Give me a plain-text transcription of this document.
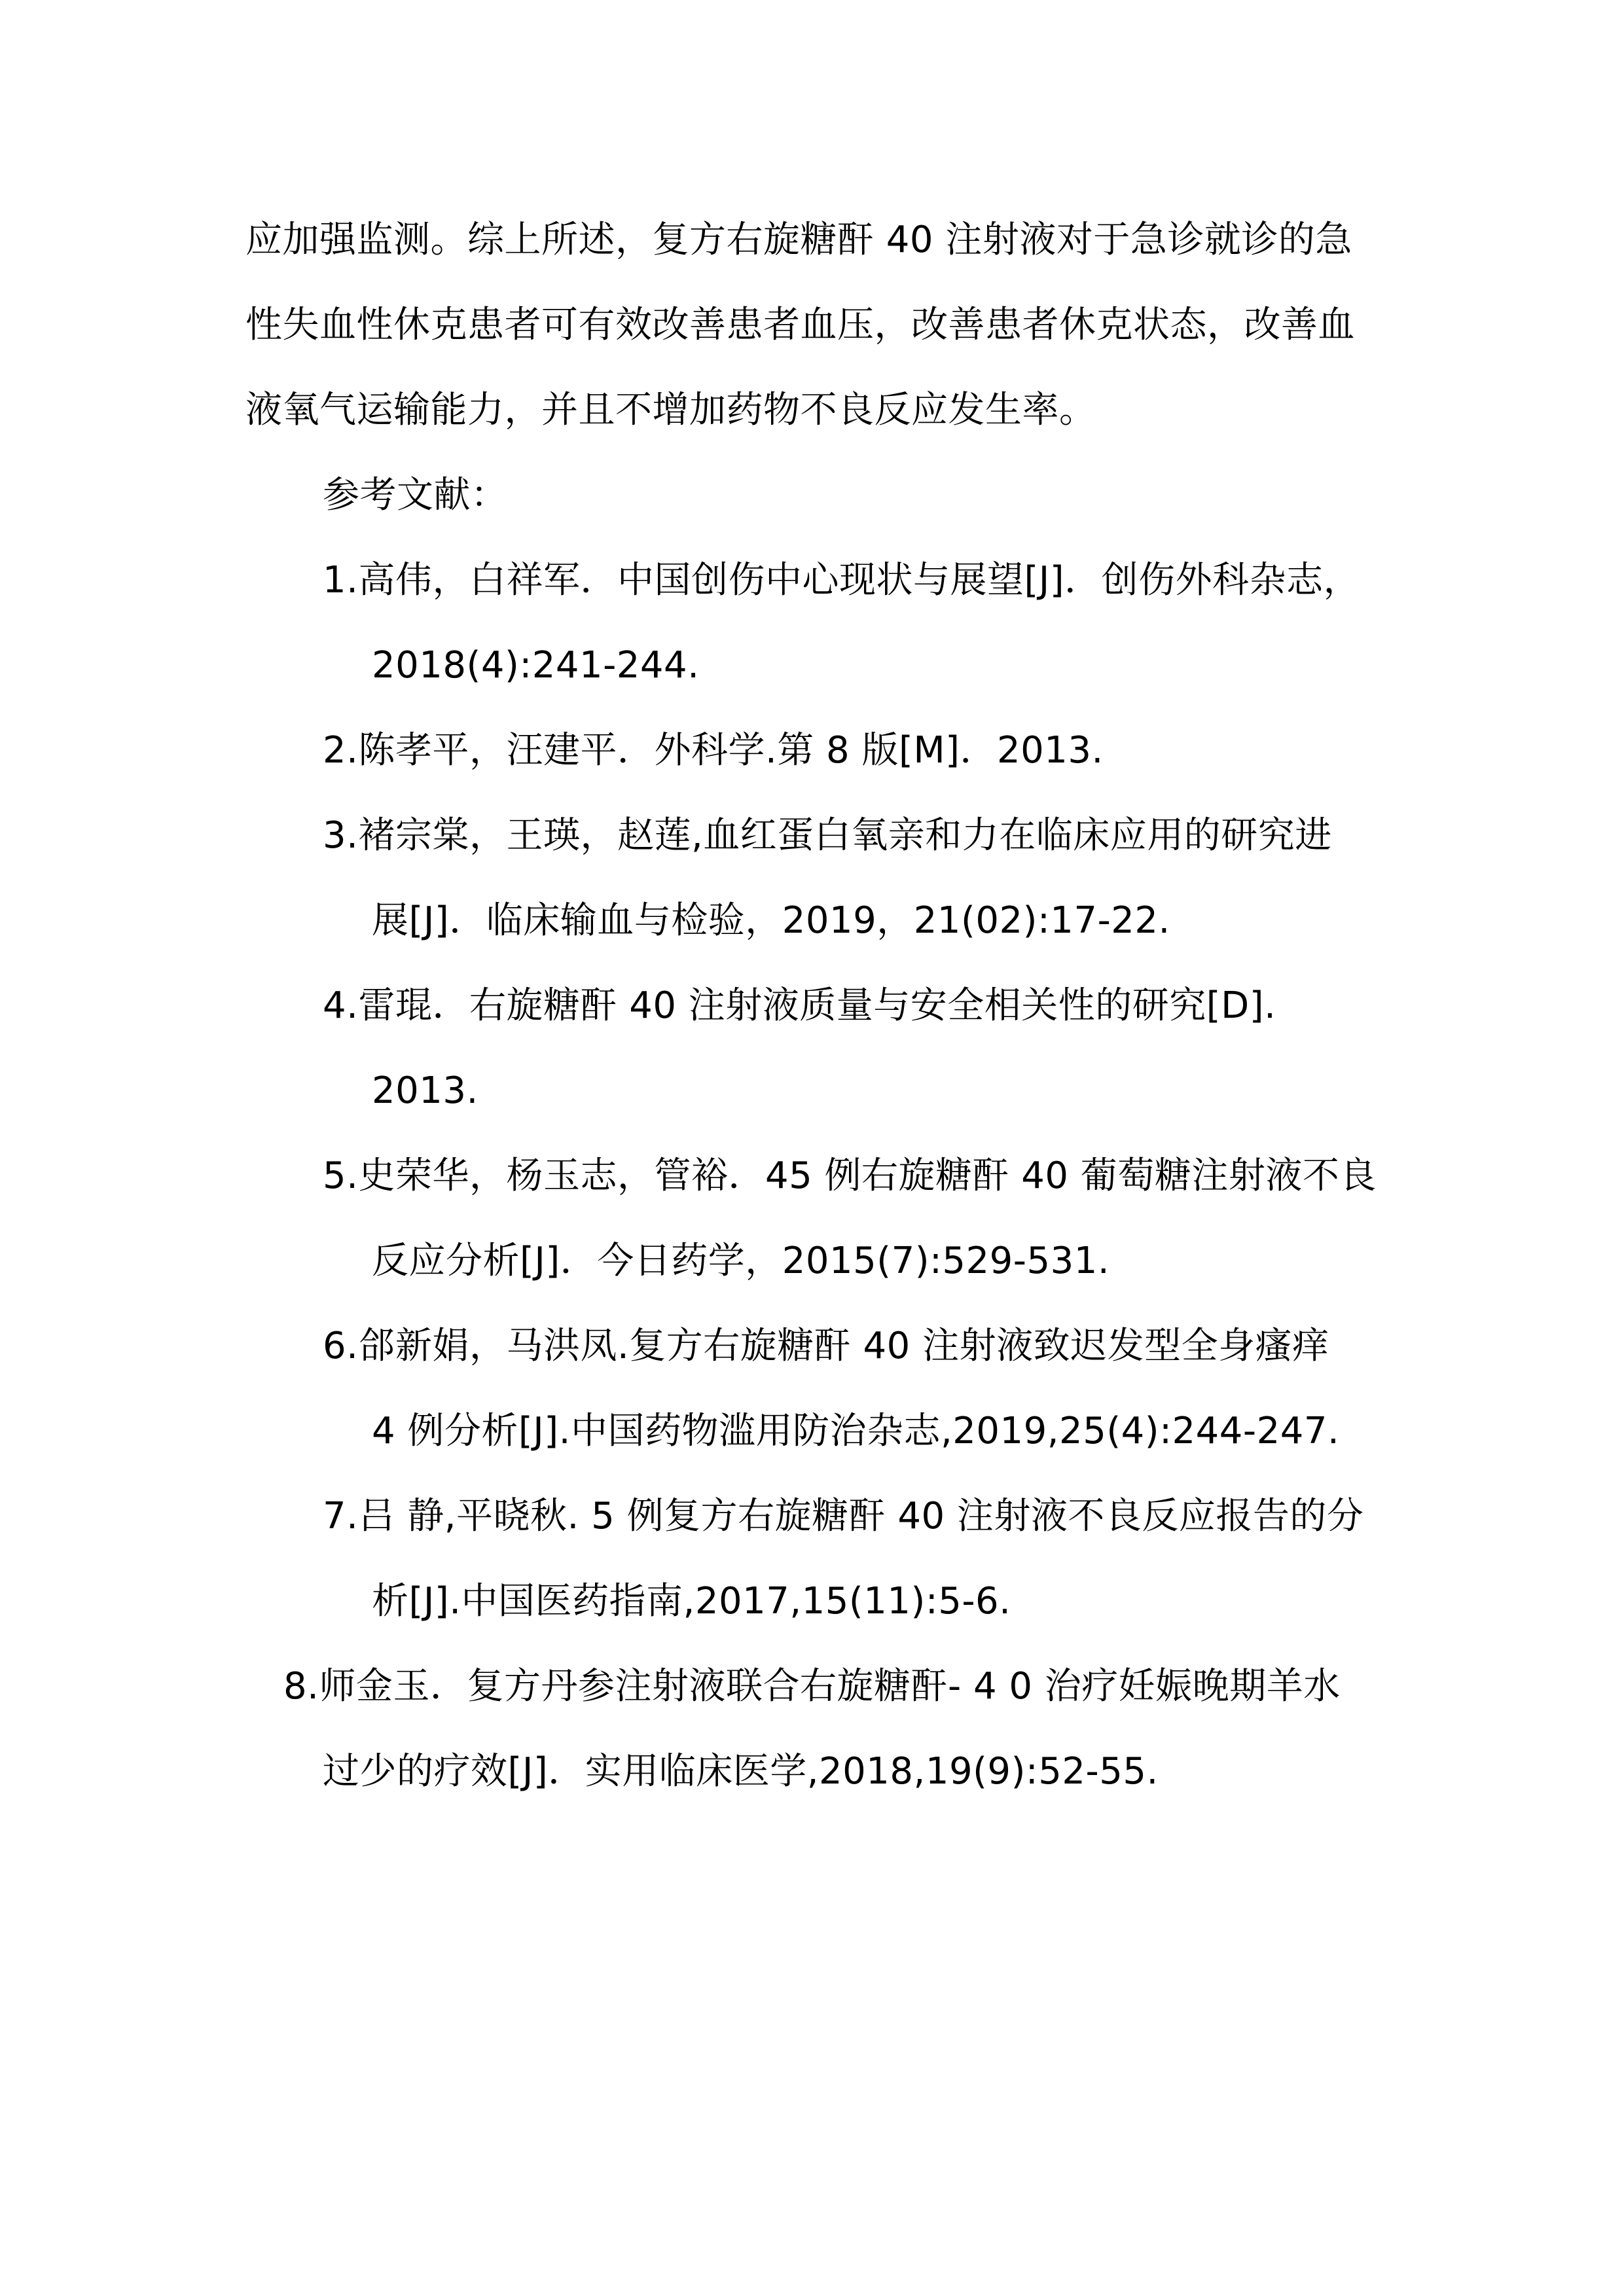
应加强监测。综上所述，复方右旋糖酐 40 注射液对于急诊就诊的急
性失血性休克患者可有效改善患者血压，改善患者休克状态，改善血
液氧气运输能力，并且不增加药物不良反应发生率。
参考文献：
1.高伟，白祥军．中国创伤中心现状与展望[J]．创伤外科杂志，
2018(4):241-244.
2.陈孝平，汪建平．外科学.第 8 版[M]．2013.
3.褚宗棠，王瑛，赵莲,血红蛋白氧亲和力在临床应用的研究进
展[J]．临床输血与检验，2019，21(02):17-22.
4.雷琨．右旋糖酐 40 注射液质量与安全相关性的研究[D].
2013.
5.史荣华，杨玉志，管裕．45 例右旋糖酐 40 葡萄糖注射液不良
反应分析[J]．今日药学，2015(7):529-531.
6.郃新娟，马洪凤.复方右旋糖酐 40 注射液致迟发型全身瘙痒
4 例分析[J].中国药物滥用防治杂志,2019,25(4):244-247.
7.吕 静,平晓秋. 5 例复方右旋糖酐 40 注射液不良反应报告的分
析[J].中国医药指南,2017,15(11):5-6.
8.师金玉．复方丹参注射液联合右旋糖酐- 4 0 治疗妊娠晚期羊水
过少的疗效[J]．实用临床医学,2018,19(9):52-55.
